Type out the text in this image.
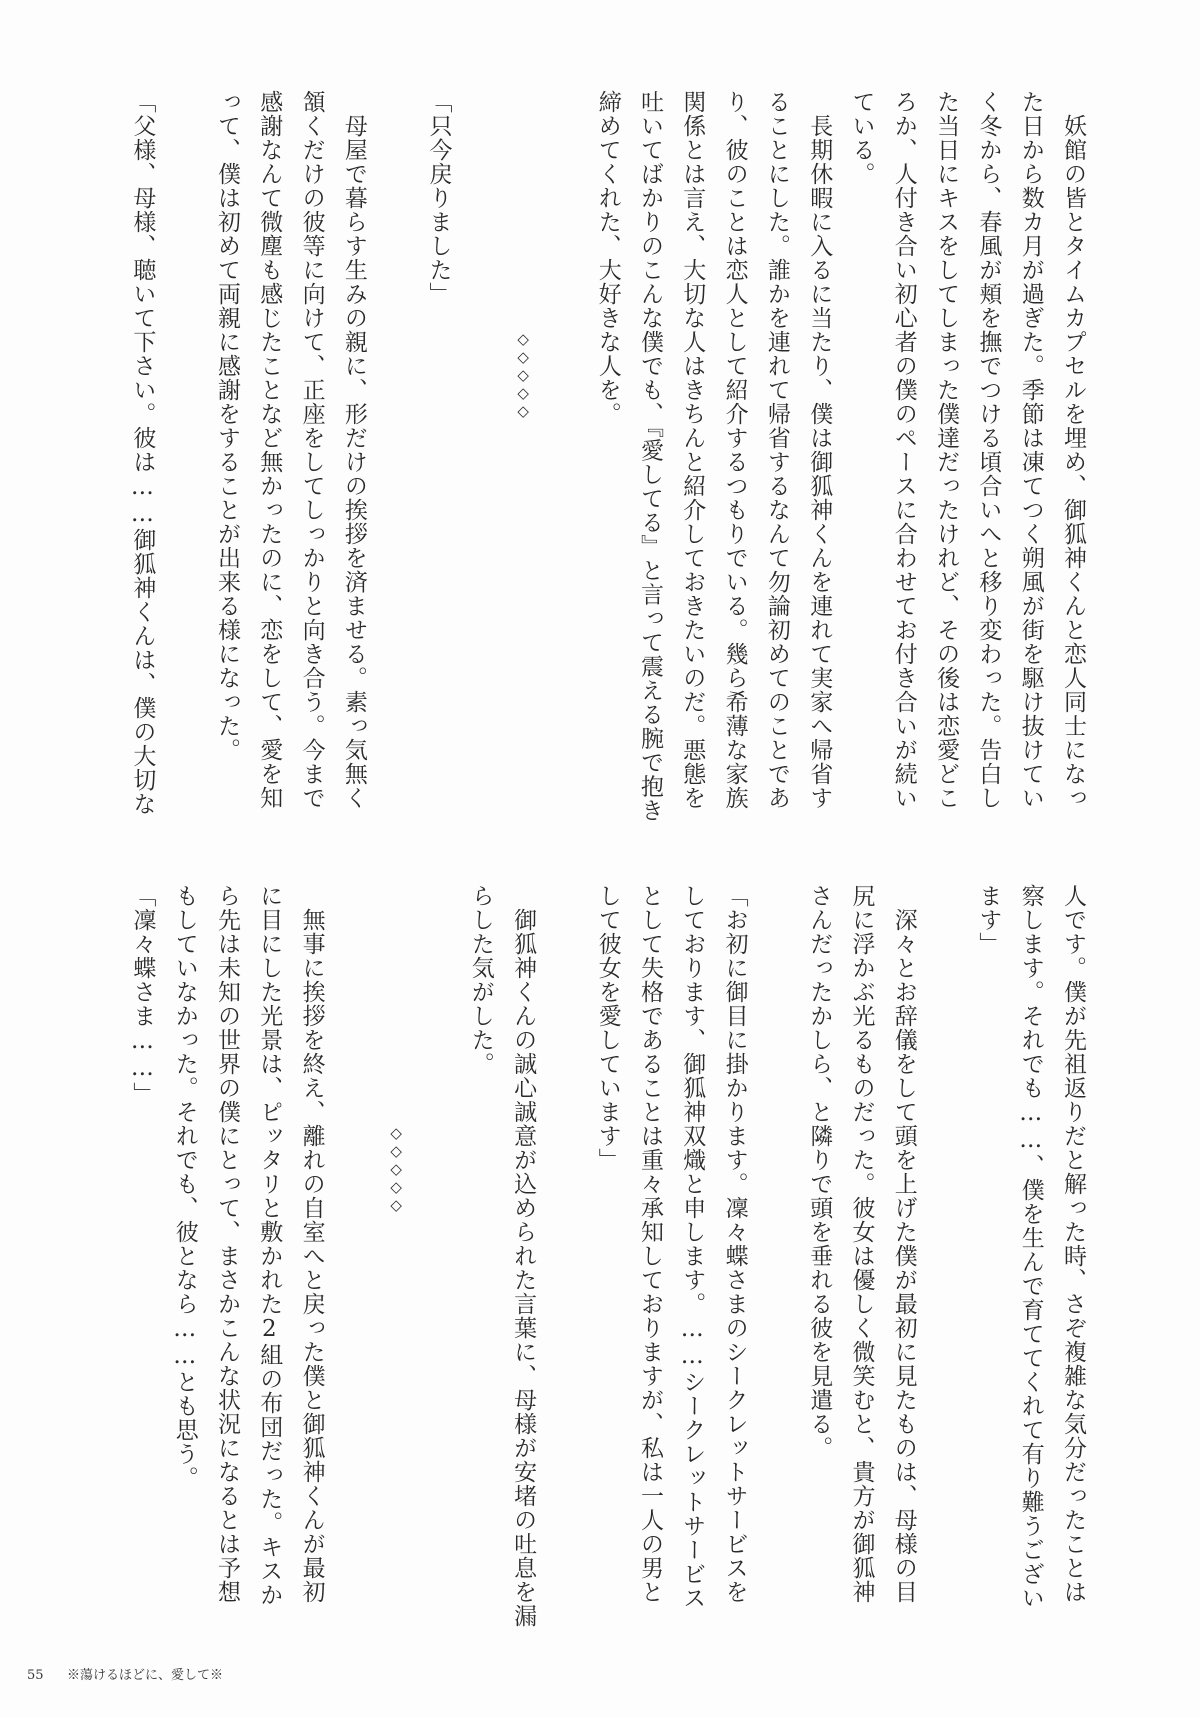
　妖館の皆とタイムカプセルを埋め、御狐神くんと恋人同士になっ
た日から数カ月が過ぎた。季節は凍てつく朔風が街を駆け抜けてい
く冬から、春風が頬を撫でつける頃合いへと移り変わった。告白し
た当日にキスをしてしまった僕達だったけれど、その後は恋愛どこ
ろか、人付き合い初心者の僕のペースに合わせてお付き合いが続い
ている。
　長期休暇に入るに当たり、僕は御狐神くんを連れて実家へ帰省す
ることにした。誰かを連れて帰省するなんて勿論初めてのことであ
り、彼のことは恋人として紹介するつもりでいる。幾ら希薄な家族
関係とは言え、大切な人はきちんと紹介しておきたいのだ。悪態を
吐いてばかりのこんな僕でも、『愛してる』と言って震える腕で抱き
締めてくれた、大好きな人を。
◇◇◇◇◇
「只今戻りました」
　母屋で暮らす生みの親に、形だけの挨拶を済ませる。素っ気無く
頷くだけの彼等に向けて、正座をしてしっかりと向き合う。今まで
感謝なんて微塵も感じたことなど無かったのに、恋をして、愛を知
って、僕は初めて両親に感謝をすることが出来る様になった。
「父様、母様、聴いて下さい。彼は……御狐神くんは、僕の大切な
人です。僕が先祖返りだと解った時、さぞ複雑な気分だったことは
察します。それでも……、僕を生んで育ててくれて有り難うござい
ます」
　深々とお辞儀をして頭を上げた僕が最初に見たものは、母様の目
尻に浮かぶ光るものだった。彼女は優しく微笑むと、貴方が御狐神
さんだったかしら、と隣りで頭を垂れる彼を見遣る。
「お初に御目に掛かります。凜々蝶さまのシークレットサービスを
しております、御狐神双熾と申します。……シークレットサービス
として失格であることは重々承知しておりますが、私は一人の男と
して彼女を愛しています」
　御狐神くんの誠心誠意が込められた言葉に、母様が安堵の吐息を漏
らした気がした。
◇◇◇◇◇
　無事に挨拶を終え、離れの自室へと戻った僕と御狐神くんが最初
に目にした光景は、ピッタリと敷かれた2組の布団だった。キスか
ら先は未知の世界の僕にとって、まさかこんな状況になるとは予想
もしていなかった。それでも、彼となら……とも思う。
「凜々蝶さま……」
55 ※蕩けるほどに、愛して※
